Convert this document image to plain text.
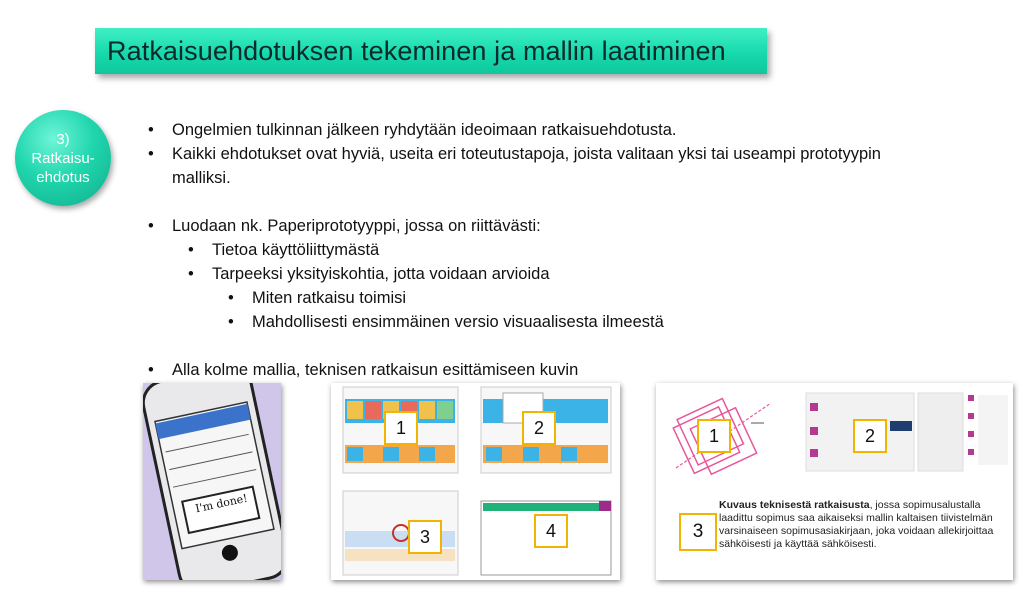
Ratkaisuehdotuksen tekeminen ja mallin laatiminen
3)
Ratkaisu-
ehdotus
• Ongelmien tulkinnan jälkeen ryhdytään ideoimaan ratkaisuehdotusta.
• Kaikki ehdotukset ovat hyviä, useita eri toteutustapoja, joista valitaan yksi tai useampi prototyypin malliksi.
• Luodaan nk. Paperiprototyyppi, jossa on riittävästi:
• Tietoa käyttöliittymästä
• Tarpeeksi yksityiskohtia, jotta voidaan arvioida
• Miten ratkaisu toimisi
• Mahdollisesti ensimmäinen versio visuaalisesta ilmeestä
• Alla kolme mallia, teknisen ratkaisun esittämiseen kuvin
I'm done!
1	2
3	4
1	2
3
Kuvaus teknisestä ratkaisusta, jossa sopimusalustalla laadittu sopimus saa aikaiseksi mallin kaltaisen tiivistelmän varsinaiseen sopimusasiakirjaan, joka voidaan allekirjoittaa sähköisesti ja käyttää sähköisesti.
